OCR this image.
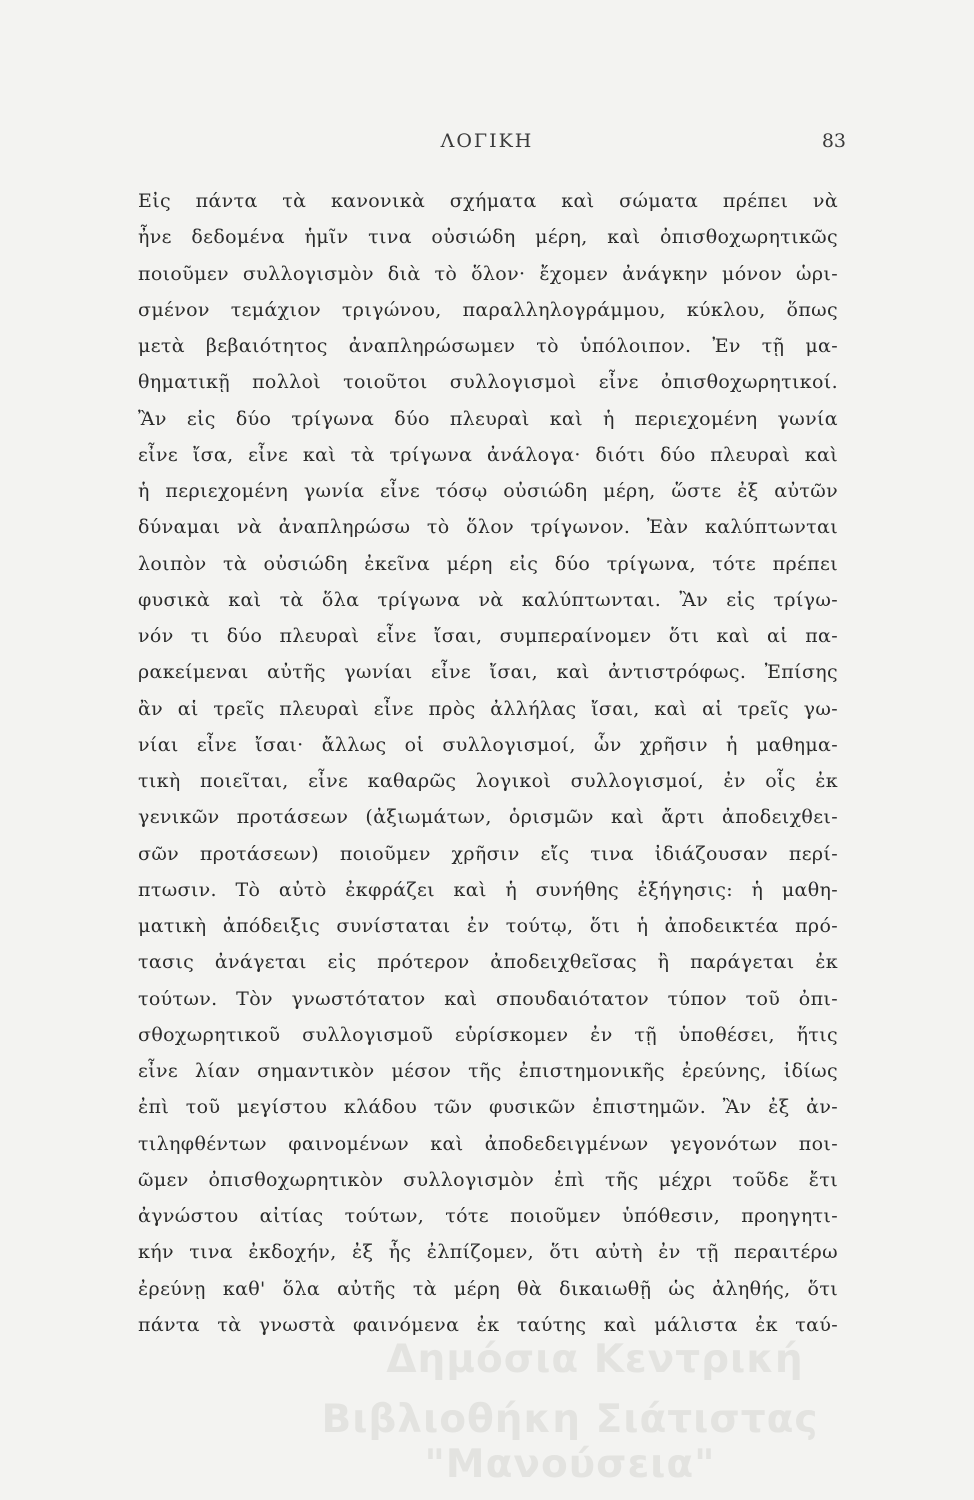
ΛΟΓΙΚΗ	83
Εἰς πάντα τὰ κανονικὰ σχήματα καὶ σώματα πρέπει νὰ
ἦνε δεδομένα ἡμῖν τινα οὐσιώδη μέρη, καὶ ὀπισθοχωρητικῶς
ποιοῦμεν συλλογισμὸν διὰ τὸ ὅλον· ἔχομεν ἀνάγκην μόνον ὡρι-
σμένον τεμάχιον τριγώνου, παραλληλογράμμου, κύκλου, ὅπως
μετὰ βεβαιότητος ἀναπληρώσωμεν τὸ ὑπόλοιπον. Ἐν τῇ μα-
θηματικῇ πολλοὶ τοιοῦτοι συλλογισμοὶ εἶνε ὀπισθοχωρητικοί.
Ἂν εἰς δύο τρίγωνα δύο πλευραὶ καὶ ἡ περιεχομένη γωνία
εἶνε ἴσα, εἶνε καὶ τὰ τρίγωνα ἀνάλογα· διότι δύο πλευραὶ καὶ
ἡ περιεχομένη γωνία εἶνε τόσῳ οὐσιώδη μέρη, ὥστε ἐξ αὐτῶν
δύναμαι νὰ ἀναπληρώσω τὸ ὅλον τρίγωνον. Ἐὰν καλύπτωνται
λοιπὸν τὰ οὐσιώδη ἐκεῖνα μέρη εἰς δύο τρίγωνα, τότε πρέπει
φυσικὰ καὶ τὰ ὅλα τρίγωνα νὰ καλύπτωνται. Ἂν εἰς τρίγω-
νόν τι δύο πλευραὶ εἶνε ἴσαι, συμπεραίνομεν ὅτι καὶ αἱ πα-
ρακείμεναι αὐτῆς γωνίαι εἶνε ἴσαι, καὶ ἀντιστρόφως. Ἐπίσης
ἂν αἱ τρεῖς πλευραὶ εἶνε πρὸς ἀλλήλας ἴσαι, καὶ αἱ τρεῖς γω-
νίαι εἶνε ἴσαι· ἄλλως οἱ συλλογισμοί, ὧν χρῆσιν ἡ μαθημα-
τικὴ ποιεῖται, εἶνε καθαρῶς λογικοὶ συλλογισμοί, ἐν οἷς ἐκ
γενικῶν προτάσεων (ἀξιωμάτων, ὁρισμῶν καὶ ἄρτι ἀποδειχθει-
σῶν προτάσεων) ποιοῦμεν χρῆσιν εἴς τινα ἰδιάζουσαν περί-
πτωσιν. Τὸ αὐτὸ ἐκφράζει καὶ ἡ συνήθης ἐξήγησις: ἡ μαθη-
ματικὴ ἀπόδειξις συνίσταται ἐν τούτῳ, ὅτι ἡ ἀποδεικτέα πρό-
τασις ἀνάγεται εἰς πρότερον ἀποδειχθεῖσας ἢ παράγεται ἐκ
τούτων. Τὸν γνωστότατον καὶ σπουδαιότατον τύπον τοῦ ὀπι-
σθοχωρητικοῦ συλλογισμοῦ εὑρίσκομεν ἐν τῇ ὑποθέσει, ἥτις
εἶνε λίαν σημαντικὸν μέσον τῆς ἐπιστημονικῆς ἐρεύνης, ἰδίως
ἐπὶ τοῦ μεγίστου κλάδου τῶν φυσικῶν ἐπιστημῶν. Ἂν ἐξ ἀν-
τιληφθέντων φαινομένων καὶ ἀποδεδειγμένων γεγονότων ποι-
ῶμεν ὀπισθοχωρητικὸν συλλογισμὸν ἐπὶ τῆς μέχρι τοῦδε ἔτι
ἀγνώστου αἰτίας τούτων, τότε ποιοῦμεν ὑπόθεσιν, προηγητι-
κήν τινα ἐκδοχήν, ἐξ ἧς ἐλπίζομεν, ὅτι αὐτὴ ἐν τῇ περαιτέρω
ἐρεύνῃ καθ' ὅλα αὐτῆς τὰ μέρη θὰ δικαιωθῇ ὡς ἀληθής, ὅτι
πάντα τὰ γνωστὰ φαινόμενα ἐκ ταύτης καὶ μάλιστα ἐκ ταύ-
Δημόσια Κεντρική
Βιβλιοθήκη Σιάτιστας "Μανούσεια"
